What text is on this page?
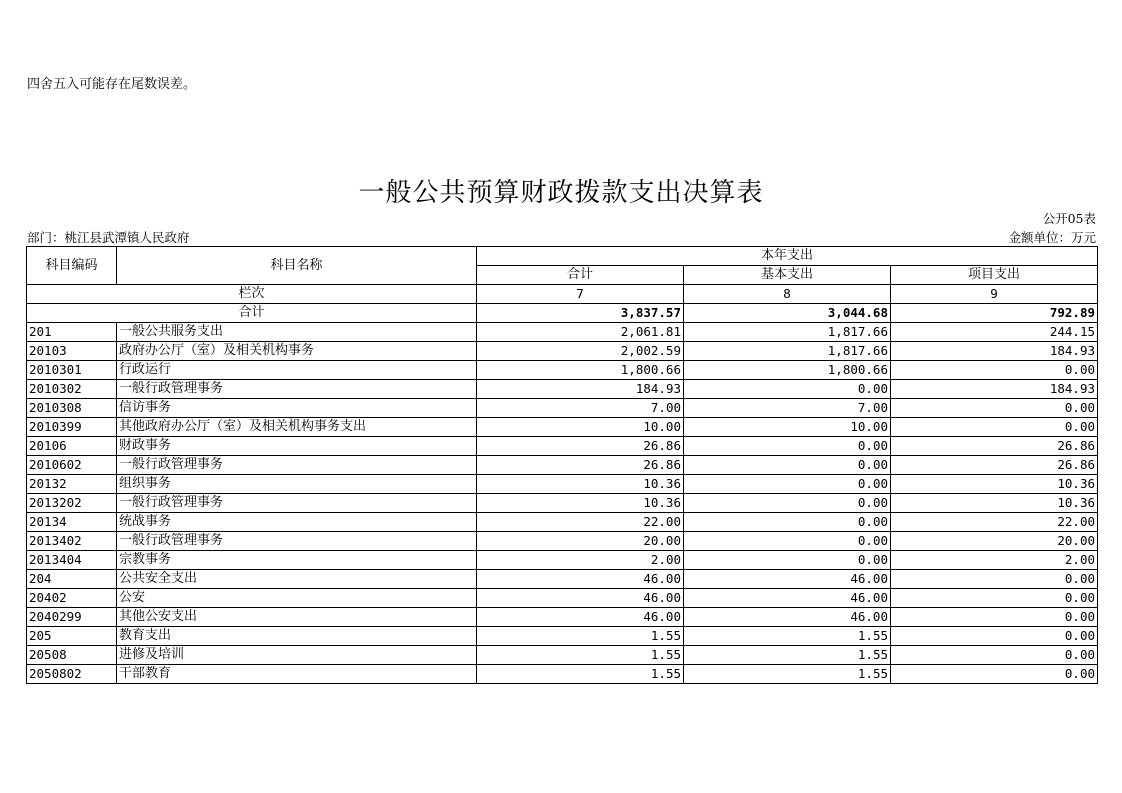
四舍五入可能存在尾数误差。
一般公共预算财政拨款支出决算表
公开05表
部门：桃江县武潭镇人民政府	金额单位：万元
科目编码	科目名称	本年支出		
		合计	基本支出	项目支出
栏次		7	8	9
合计		3,837.57	3,044.68	792.89
201	一般公共服务支出	2,061.81	1,817.66	244.15
20103	政府办公厅（室）及相关机构事务	2,002.59	1,817.66	184.93
2010301	行政运行	1,800.66	1,800.66	0.00
2010302	一般行政管理事务	184.93	0.00	184.93
2010308	信访事务	7.00	7.00	0.00
2010399	其他政府办公厅（室）及相关机构事务支出	10.00	10.00	0.00
20106	财政事务	26.86	0.00	26.86
2010602	一般行政管理事务	26.86	0.00	26.86
20132	组织事务	10.36	0.00	10.36
2013202	一般行政管理事务	10.36	0.00	10.36
20134	统战事务	22.00	0.00	22.00
2013402	一般行政管理事务	20.00	0.00	20.00
2013404	宗教事务	2.00	0.00	2.00
204	公共安全支出	46.00	46.00	0.00
20402	公安	46.00	46.00	0.00
2040299	其他公安支出	46.00	46.00	0.00
205	教育支出	1.55	1.55	0.00
20508	进修及培训	1.55	1.55	0.00
2050802	干部教育	1.55	1.55	0.00
